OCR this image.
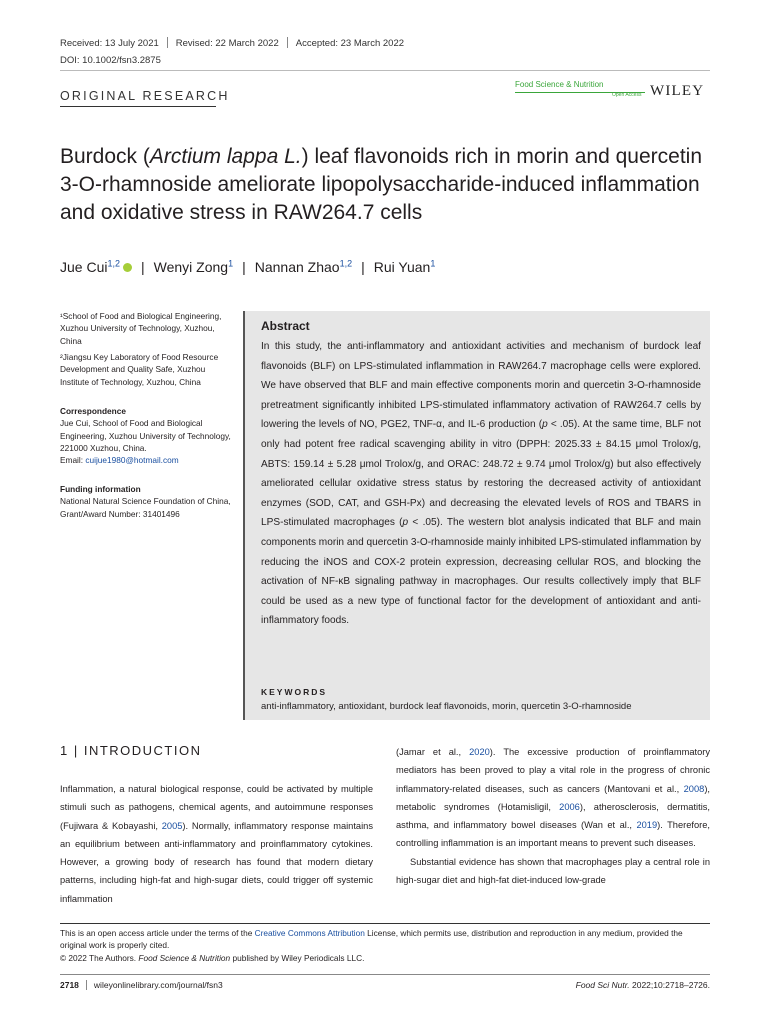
Received: 13 July 2021 Revised: 22 March 2022 Accepted: 23 March 2022
DOI: 10.1002/fsn3.2875
ORIGINAL RESEARCH
Food Science & Nutrition
Open Access WILEY
Burdock (Arctium lappa L.) leaf flavonoids rich in morin and quercetin 3-O-rhamnoside ameliorate lipopolysaccharide-induced inflammation and oxidative stress in RAW264.7 cells
Jue Cui$^{1,2}$ | Wenyi Zong$^1$ | Nannan Zhao$^{1,2}$ | Rui Yuan$^1$
¹School of Food and Biological Engineering, Xuzhou University of Technology, Xuzhou, China
²Jiangsu Key Laboratory of Food Resource Development and Quality Safe, Xuzhou Institute of Technology, Xuzhou, China
Correspondence
Jue Cui, School of Food and Biological Engineering, Xuzhou University of Technology, 221000 Xuzhou, China.
Email: cuijue1980@hotmail.com
Funding information
National Natural Science Foundation of China, Grant/Award Number: 31401496
Abstract
In this study, the anti-inflammatory and antioxidant activities and mechanism of burdock leaf flavonoids (BLF) on LPS-stimulated inflammation in RAW264.7 macrophage cells were explored. We have observed that BLF and main effective components morin and quercetin 3-O-rhamnoside pretreatment significantly inhibited LPS-stimulated inflammatory activation of RAW264.7 cells by lowering the levels of NO, PGE2, TNF-α, and IL-6 production (p < .05). At the same time, BLF not only had potent free radical scavenging ability in vitro (DPPH: 2025.33 ± 84.15 μmol Trolox/g, ABTS: 159.14 ± 5.28 μmol Trolox/g, and ORAC: 248.72 ± 9.74 μmol Trolox/g) but also effectively ameliorated cellular oxidative stress status by restoring the decreased activity of antioxidant enzymes (SOD, CAT, and GSH-Px) and decreasing the elevated levels of ROS and TBARS in LPS-stimulated macrophages (p < .05). The western blot analysis indicated that BLF and main components morin and quercetin 3-O-rhamnoside mainly inhibited LPS-stimulated inflammation by reducing the iNOS and COX-2 protein expression, decreasing cellular ROS, and blocking the activation of NF-κB signaling pathway in macrophages. Our results collectively imply that BLF could be used as a new type of functional factor for the development of antioxidant and anti-inflammatory foods.
KEYWORDS
anti-inflammatory, antioxidant, burdock leaf flavonoids, morin, quercetin 3-O-rhamnoside
1 | INTRODUCTION
Inflammation, a natural biological response, could be activated by multiple stimuli such as pathogens, chemical agents, and autoimmune responses (Fujiwara & Kobayashi, 2005). Normally, inflammatory response maintains an equilibrium between anti-inflammatory and proinflammatory cytokines. However, a growing body of research has found that modern dietary patterns, including high-fat and high-sugar diets, could trigger off systemic inflammation
(Jamar et al., 2020). The excessive production of proinflammatory mediators has been proved to play a vital role in the progress of chronic inflammatory-related diseases, such as cancers (Mantovani et al., 2008), metabolic syndromes (Hotamisligil, 2006), atherosclerosis, dermatitis, asthma, and inflammatory bowel diseases (Wan et al., 2019). Therefore, controlling inflammation is an important means to prevent such diseases.
Substantial evidence has shown that macrophages play a central role in high-sugar diet and high-fat diet-induced low-grade
This is an open access article under the terms of the Creative Commons Attribution License, which permits use, distribution and reproduction in any medium, provided the original work is properly cited.
© 2022 The Authors. Food Science & Nutrition published by Wiley Periodicals LLC.
2718 wileyonlinelibrary.com/journal/fsn3	Food Sci Nutr. 2022;10:2718–2726.
